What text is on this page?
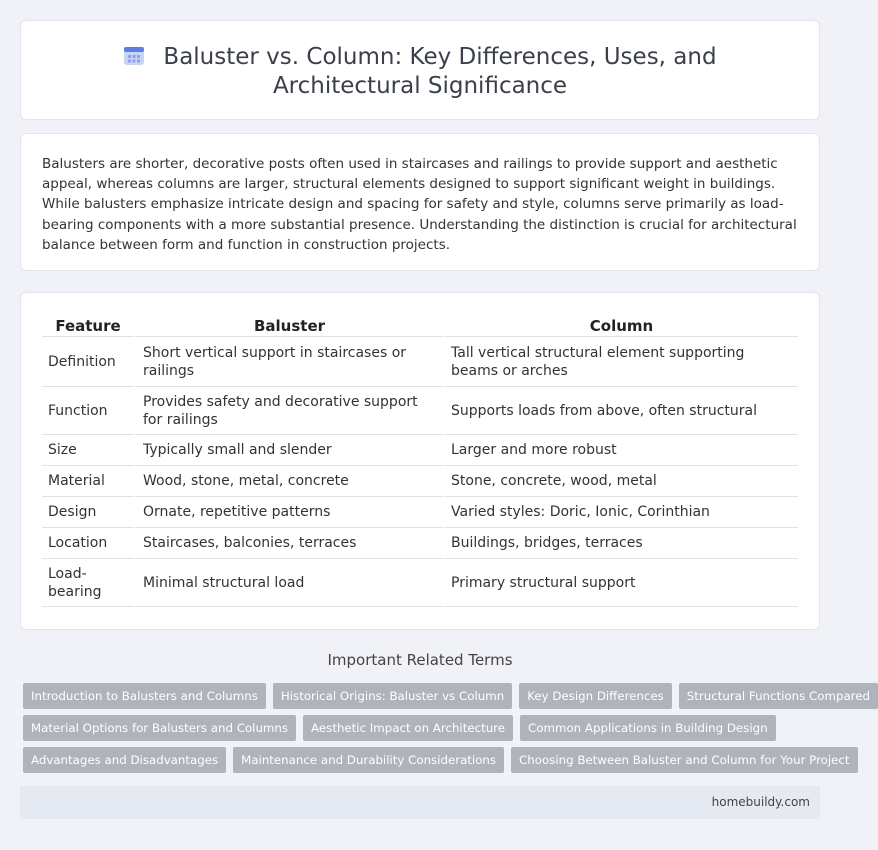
Baluster vs. Column: Key Differences, Uses, and Architectural Significance

Balusters are shorter, decorative posts often used in staircases and railings to provide support and aesthetic appeal, whereas columns are larger, structural elements designed to support significant weight in buildings. While balusters emphasize intricate design and spacing for safety and style, columns serve primarily as load-bearing components with a more substantial presence. Understanding the distinction is crucial for architectural balance between form and function in construction projects.

Feature	Baluster	Column
Definition	Short vertical support in staircases or railings	Tall vertical structural element supporting beams or arches
Function	Provides safety and decorative support for railings	Supports loads from above, often structural
Size	Typically small and slender	Larger and more robust
Material	Wood, stone, metal, concrete	Stone, concrete, wood, metal
Design	Ornate, repetitive patterns	Varied styles: Doric, Ionic, Corinthian
Location	Staircases, balconies, terraces	Buildings, bridges, terraces
Load-bearing	Minimal structural load	Primary structural support
Important Related Terms
Introduction to Balusters and Columns	Historical Origins: Baluster vs Column	Key Design Differences	Structural Functions Compared
Material Options for Balusters and Columns	Aesthetic Impact on Architecture	Common Applications in Building Design
Advantages and Disadvantages	Maintenance and Durability Considerations	Choosing Between Baluster and Column for Your Project
homebuildy.com
